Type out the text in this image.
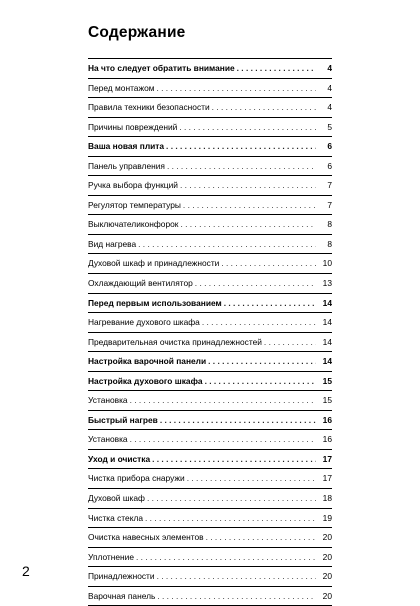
Содержание
На что следует обратить внимание . . .	4
Перед монтажом . . .	4
Правила техники безопасности . . .	4
Причины повреждений . . .	5
Ваша новая плита . . .	6
Панель управления . . .	6
Ручка выбора функций . . .	7
Регулятор температуры . . .	7
Выключателиконфорок . . .	8
Вид нагрева . . .	8
Духовой шкаф и принадлежности . . .	10
Охлаждающий вентилятор . . .	13
Перед первым использованием . . .	14
Нагревание духового шкафа . . .	14
Предварительная очистка принадлежностей . . .	14
Настройка варочной панели . . .	14
Настройка духового шкафа . . .	15
Установка . . .	15
Быстрый нагрев . . .	16
Установка . . .	16
Уход и очистка . . .	17
Чистка прибора снаружи . . .	17
Духовой шкаф . . .	18
Чистка стекла . . .	19
Очистка навесных элементов . . .	20
Уплотнение . . .	20
Принадлежности . . .	20
Варочная панель . . .	20
2
